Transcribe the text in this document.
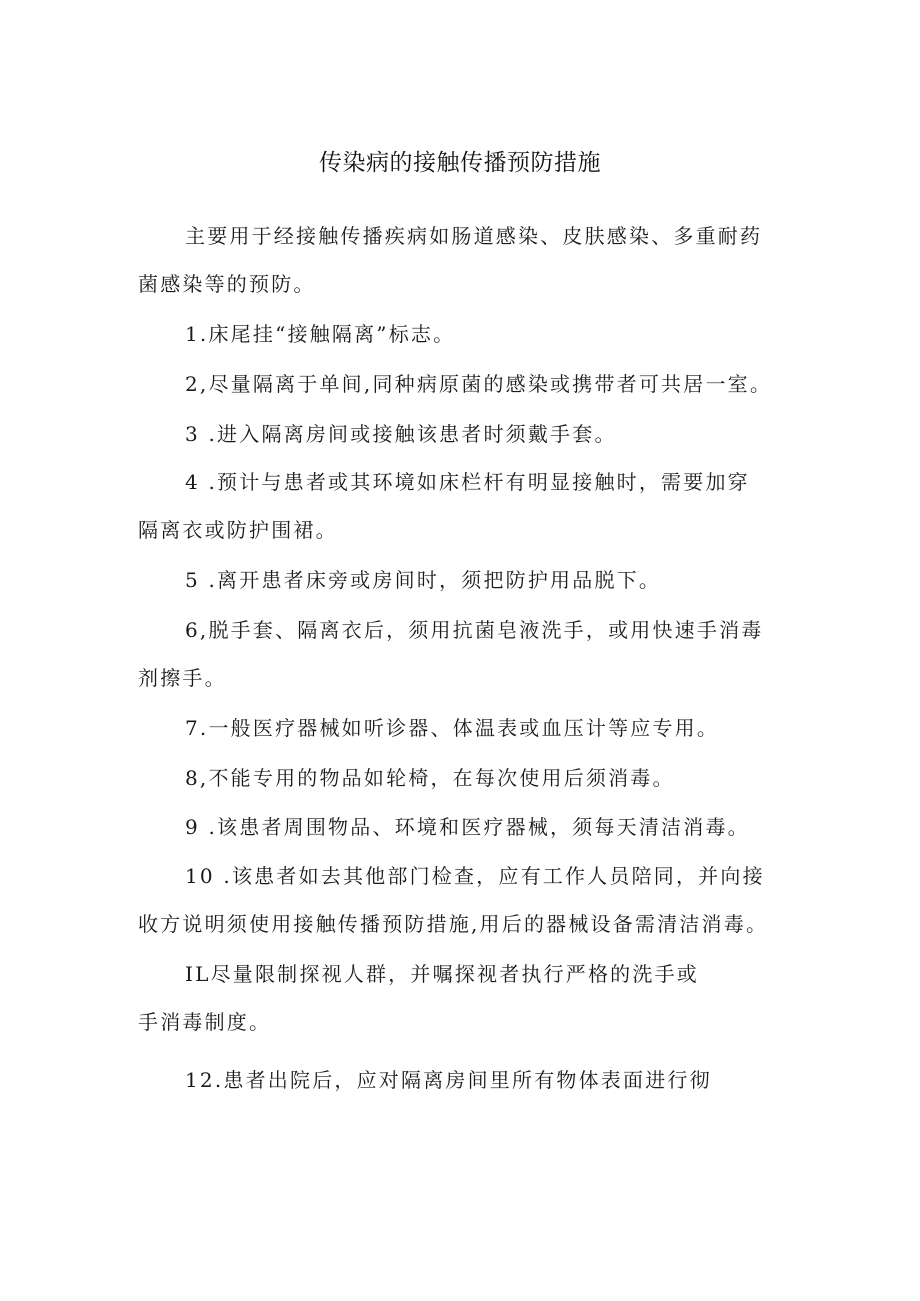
传染病的接触传播预防措施
主要用于经接触传播疾病如肠道感染、皮肤感染、多重耐药
菌感染等的预防。
1.床尾挂“接触隔离”标志。
2,尽量隔离于单间,同种病原菌的感染或携带者可共居一室。
3 .进入隔离房间或接触该患者时须戴手套。
4 .预计与患者或其环境如床栏杆有明显接触时，需要加穿
隔离衣或防护围裙。
5 .离开患者床旁或房间时，须把防护用品脱下。
6,脱手套、隔离衣后，须用抗菌皂液洗手，或用快速手消毒
剂擦手。
7.一般医疗器械如听诊器、体温表或血压计等应专用。
8,不能专用的物品如轮椅，在每次使用后须消毒。
9 .该患者周围物品、环境和医疗器械，须每天清洁消毒。
10 .该患者如去其他部门检查，应有工作人员陪同，并向接
收方说明须使用接触传播预防措施,用后的器械设备需清洁消毒。
IL尽量限制探视人群，并嘱探视者执行严格的洗手或
手消毒制度。
12.患者出院后，应对隔离房间里所有物体表面进行彻
